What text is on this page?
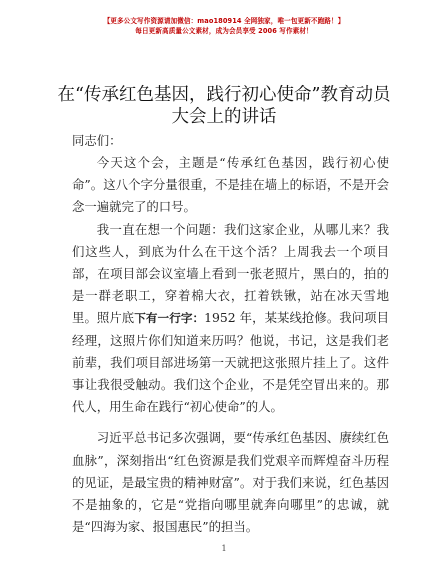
【更多公文写作资源请加微信：mao180914 全网独家，唯一包更新不跑路！】
每日更新高质量公文素材，成为会员享受 2006 写作素材！
在“传承红色基因，践行初心使命”教育动员
大会上的讲话

同志们：

今天这个会，主题是“传承红色基因，践行初心使命”。这八个字分量很重，不是挂在墙上的标语，不是开会念一遍就完了的口号。

我一直在想一个问题：我们这家企业，从哪儿来？我们这些人，到底为什么在干这个活？上周我去一个项目部，在项目部会议室墙上看到一张老照片，黑白的，拍的是一群老职工，穿着棉大衣，扛着铁锹，站在冰天雪地里。照片底下有一行字：1952 年，某某线抢修。我问项目经理，这照片你们知道来历吗？他说，书记，这是我们老前辈，我们项目部进场第一天就把这张照片挂上了。这件事让我很受触动。我们这个企业，不是凭空冒出来的。那代人，用生命在践行“初心使命”的人。

习近平总书记多次强调，要“传承红色基因、赓续红色血脉”，深刻指出“红色资源是我们党艰辛而辉煌奋斗历程的见证，是最宝贵的精神财富”。对于我们来说，红色基因不是抽象的，它是“党指向哪里就奔向哪里”的忠诚，就是“四海为家、报国惠民”的担当。

1
